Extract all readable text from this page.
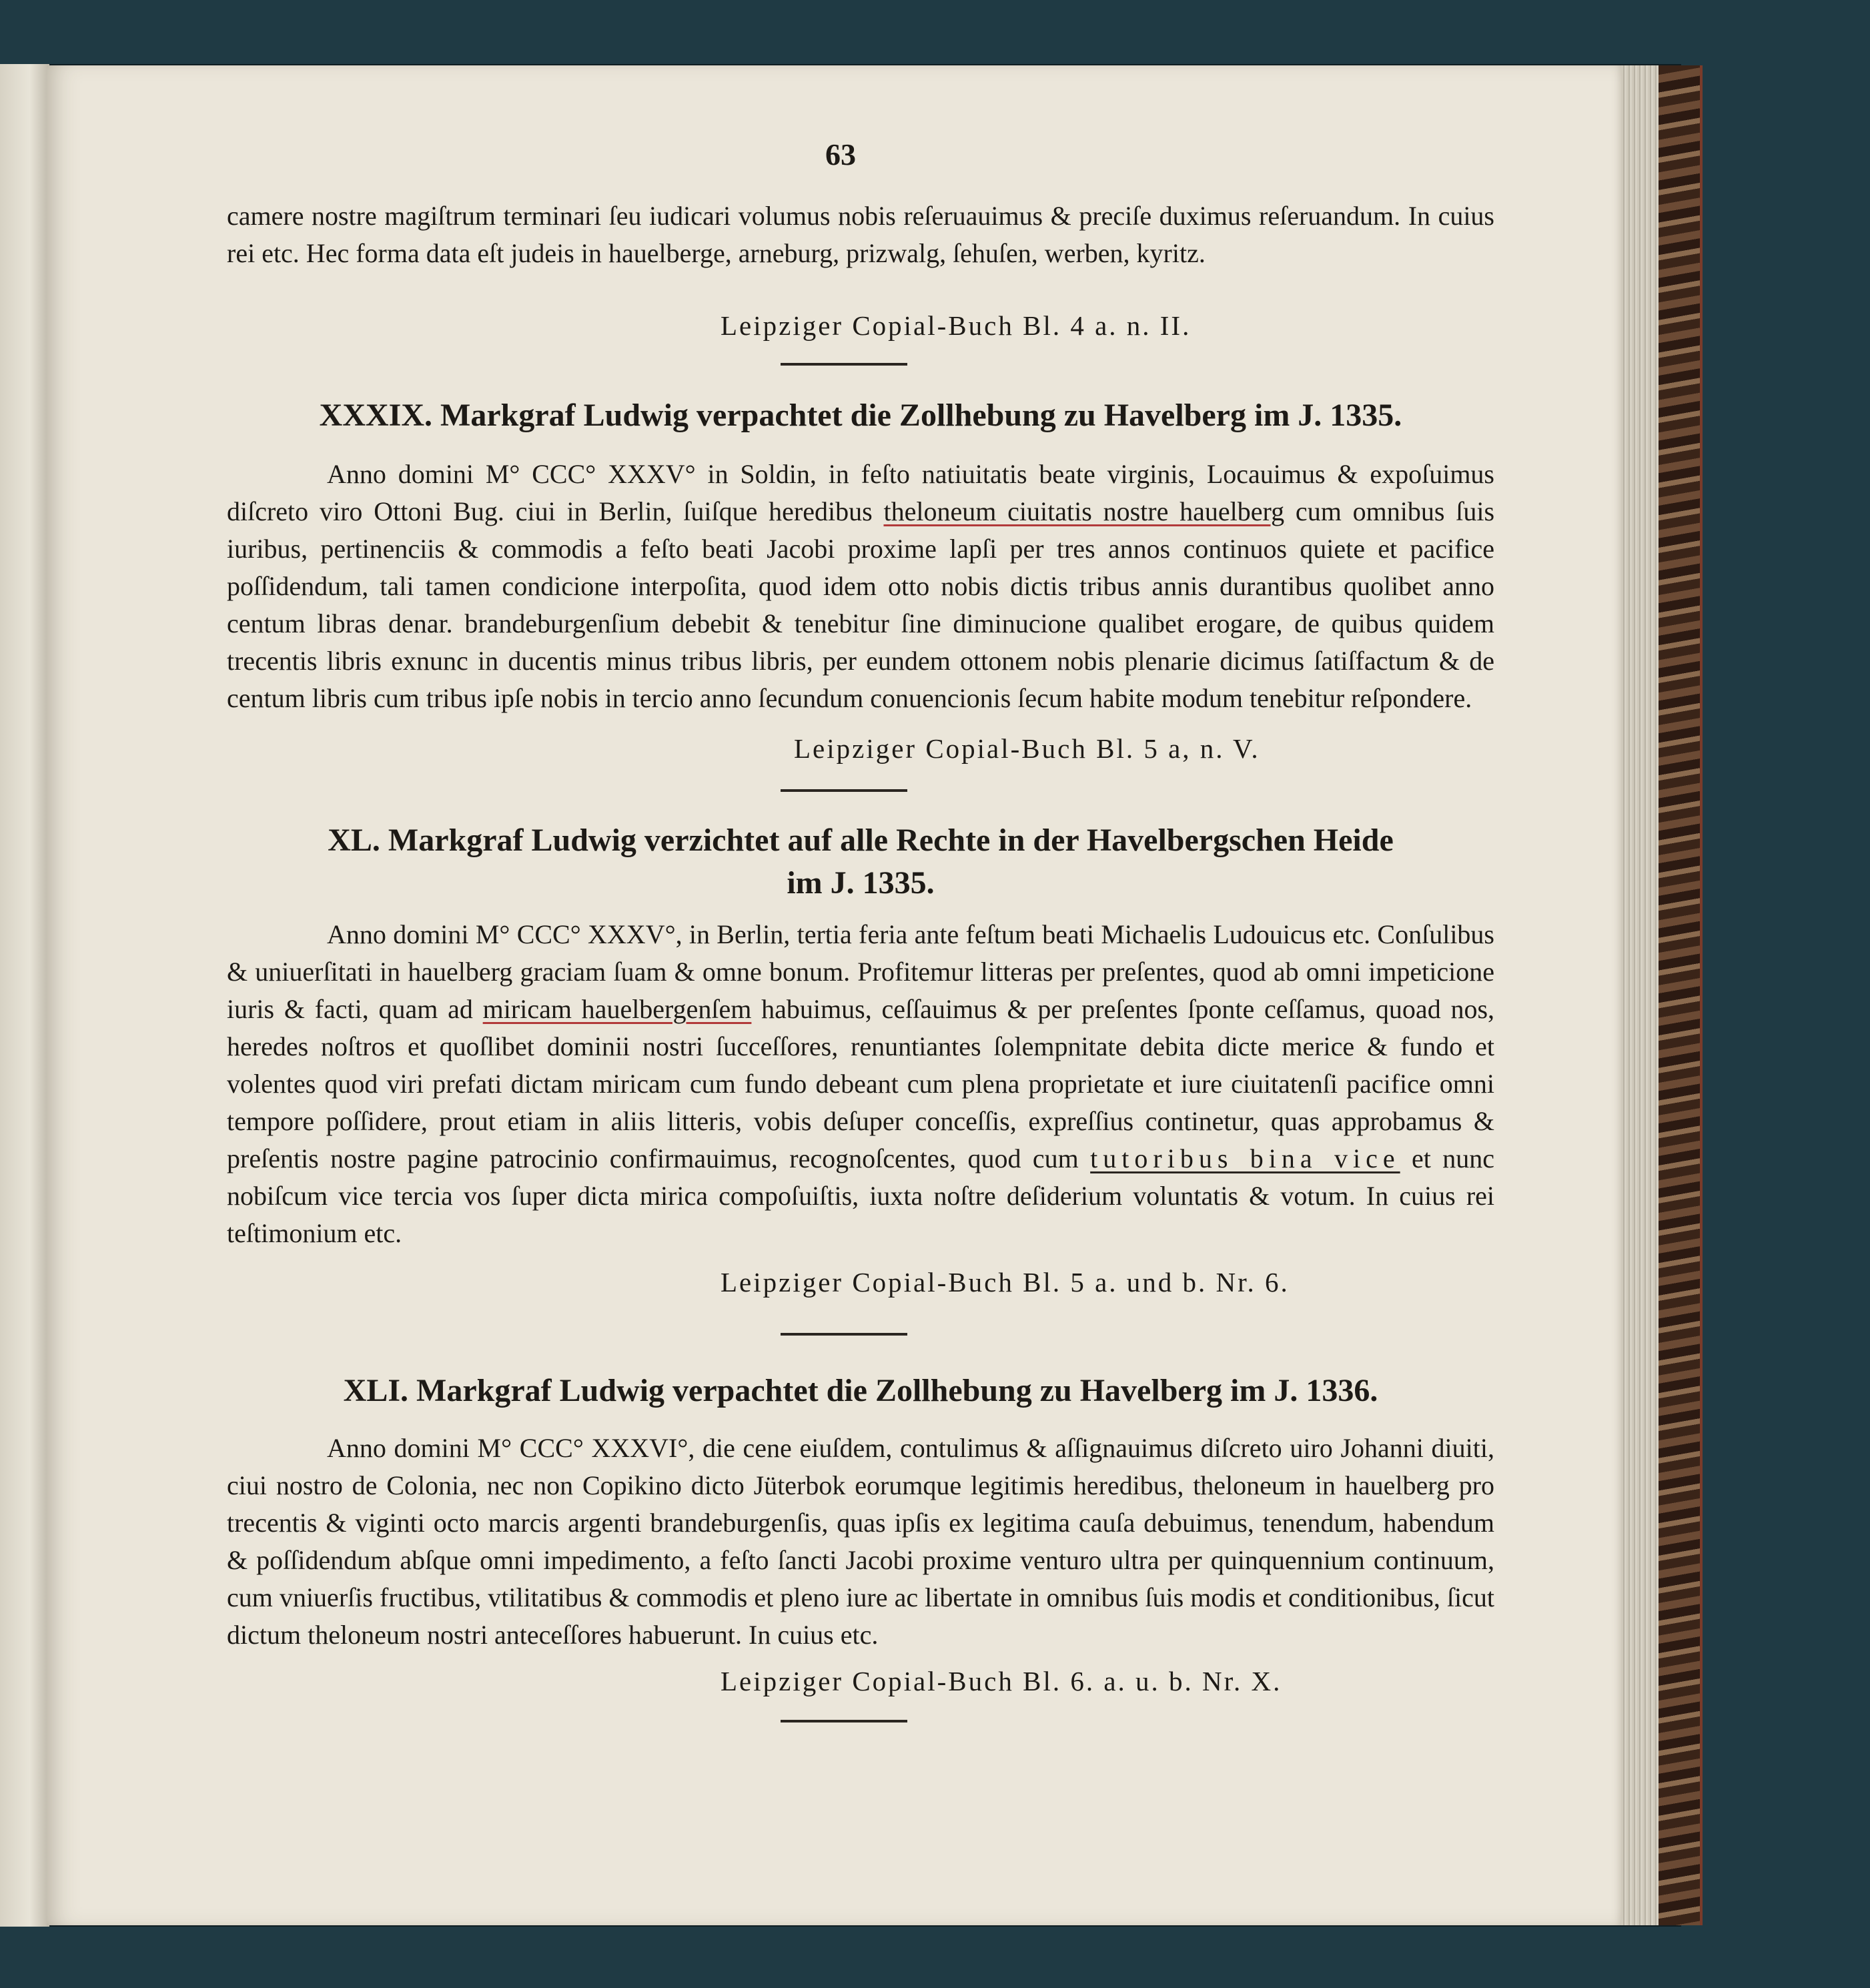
63

camere nostre magiſtrum terminari ſeu iudicari volumus nobis reſeruauimus & preciſe duximus reſeruandum. In cuius rei etc. Hec forma data eſt judeis in hauelberge, arneburg, prizwalg, ſehuſen, werben, kyritz.

Leipziger Copial-Buch Bl. 4 a. n. II.
XXXIX. Markgraf Ludwig verpachtet die Zollhebung zu Havelberg im J. 1335.

Anno domini M° CCC° XXXV° in Soldin, in feſto natiuitatis beate virginis, Locauimus & expoſuimus diſcreto viro Ottoni Bug. ciui in Berlin, ſuiſque heredibus theloneum ciuitatis nostre hauelberg cum omnibus ſuis iuribus, pertinenciis & commodis a feſto beati Jacobi proxime lapſi per tres annos continuos quiete et pacifice poſſidendum, tali tamen condicione interpoſita, quod idem otto nobis dictis tribus annis durantibus quolibet anno centum libras denar. brandeburgenſium debebit & tenebitur ſine diminucione qualibet erogare, de quibus quidem trecentis libris exnunc in ducentis minus tribus libris, per eundem ottonem nobis plenarie dicimus ſatiſfactum & de centum libris cum tribus ipſe nobis in tercio anno ſecundum conuencionis ſecum habite modum tenebitur reſpondere.

Leipziger Copial-Buch Bl. 5 a, n. V.
XL. Markgraf Ludwig verzichtet auf alle Rechte in der Havelbergschen Heide
im J. 1335.

Anno domini M° CCC° XXXV°, in Berlin, tertia feria ante feſtum beati Michaelis Ludouicus etc. Conſulibus & uniuerſitati in hauelberg graciam ſuam & omne bonum. Profitemur litteras per preſentes, quod ab omni impeticione iuris & facti, quam ad miricam hauelbergenſem habuimus, ceſſauimus & per preſentes ſponte ceſſamus, quoad nos, heredes noſtros et quoſlibet dominii nostri ſucceſſores, renuntiantes ſolempnitate debita dicte merice & fundo et volentes quod viri prefati dictam miricam cum fundo debeant cum plena proprietate et iure ciuitatenſi pacifice omni tempore poſſidere, prout etiam in aliis litteris, vobis deſuper conceſſis, expreſſius continetur, quas approbamus & preſentis nostre pagine patrocinio confirmauimus, recognoſcentes, quod cum tutoribus bina vice et nunc nobiſcum vice tercia vos ſuper dicta mirica compoſuiſtis, iuxta noſtre deſiderium voluntatis & votum. In cuius rei teſtimonium etc.

Leipziger Copial-Buch Bl. 5 a. und b. Nr. 6.
XLI. Markgraf Ludwig verpachtet die Zollhebung zu Havelberg im J. 1336.

Anno domini M° CCC° XXXVI°, die cene eiuſdem, contulimus & aſſignauimus diſcreto uiro Johanni diuiti, ciui nostro de Colonia, nec non Copikino dicto Jüterbok eorumque legitimis heredibus, theloneum in hauelberg pro trecentis & viginti octo marcis argenti brandeburgenſis, quas ipſis ex legitima cauſa debuimus, tenendum, habendum & poſſidendum abſque omni impedimento, a feſto ſancti Jacobi proxime venturo ultra per quinquennium continuum, cum vniuerſis fructibus, vtilitatibus & commodis et pleno iure ac libertate in omnibus ſuis modis et conditionibus, ſicut dictum theloneum nostri anteceſſores habuerunt. In cuius etc.

Leipziger Copial-Buch Bl. 6. a. u. b. Nr. X.
